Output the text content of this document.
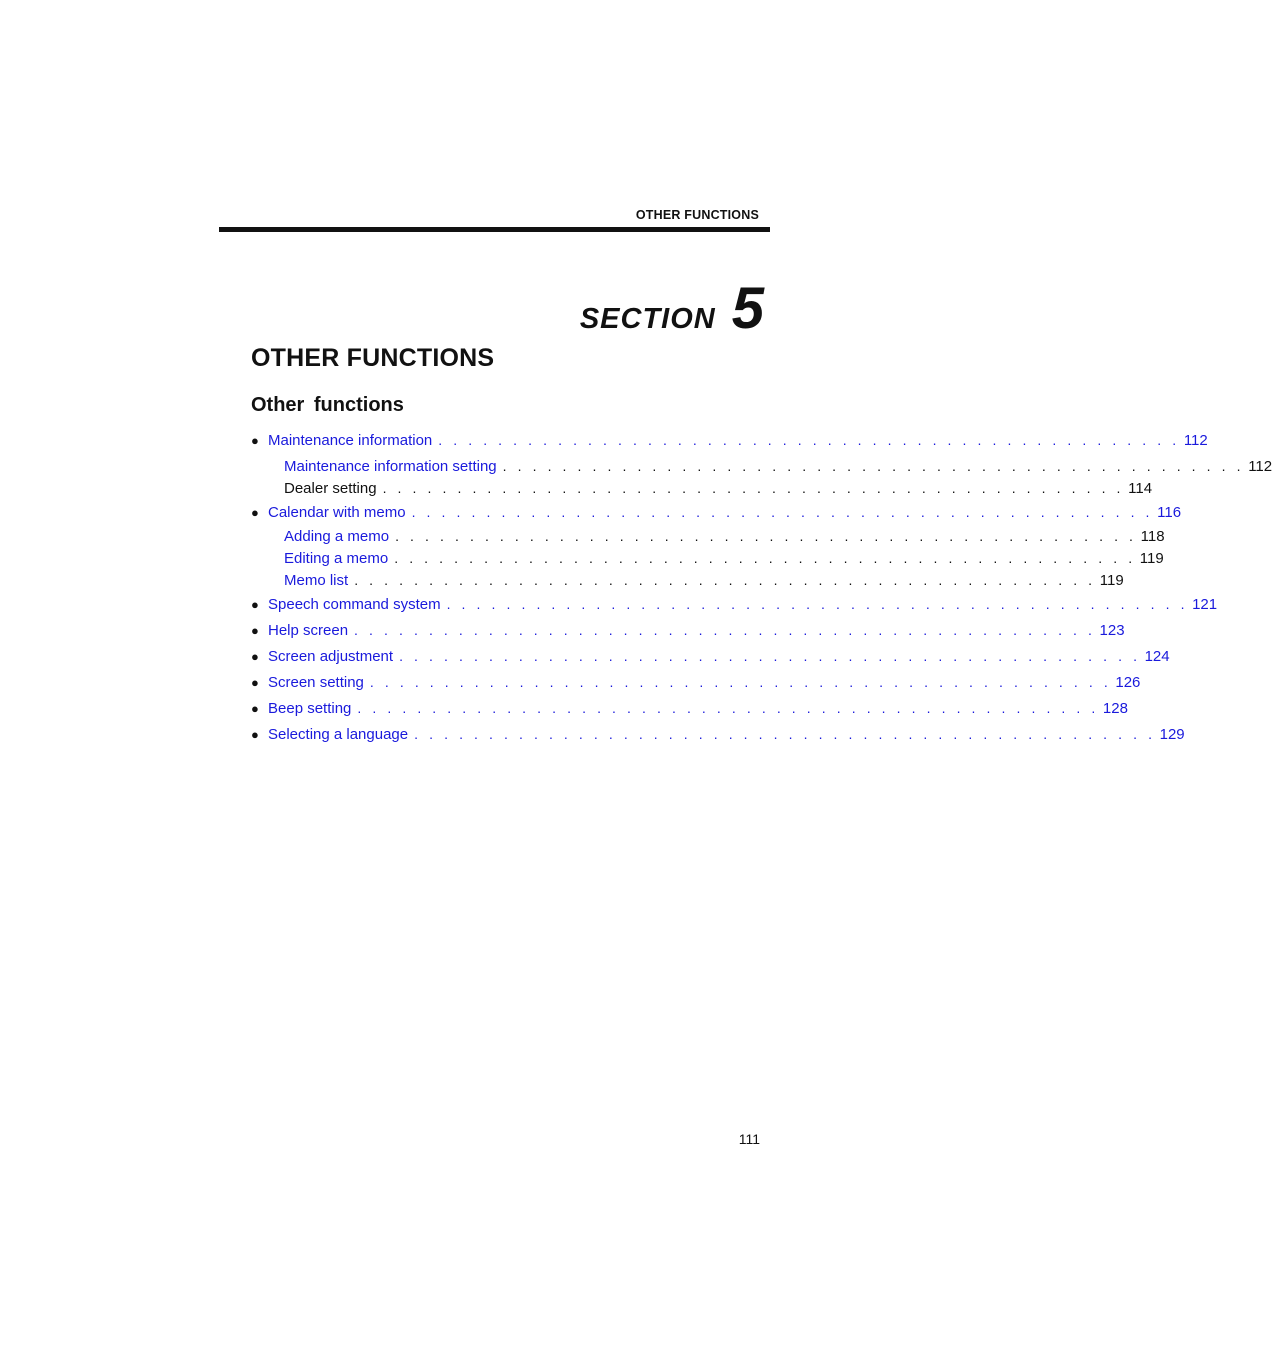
OTHER FUNCTIONS
SECTION 5
OTHER FUNCTIONS
Other functions
● Maintenance information . . . . . . . . . . . . . . . . . . . . . . . . . . . . . . . . . . . . . . . . . . . . . . . . . . 112
Maintenance information setting . . . . . . . . . . . . . . . . . . . . . . . . . . . . . . . . . . . . . . . . . . . . . . . . . . 112
Dealer setting . . . . . . . . . . . . . . . . . . . . . . . . . . . . . . . . . . . . . . . . . . . . . . . . . . 114
● Calendar with memo . . . . . . . . . . . . . . . . . . . . . . . . . . . . . . . . . . . . . . . . . . . . . . . . . . 116
Adding a memo . . . . . . . . . . . . . . . . . . . . . . . . . . . . . . . . . . . . . . . . . . . . . . . . . . 118
Editing a memo . . . . . . . . . . . . . . . . . . . . . . . . . . . . . . . . . . . . . . . . . . . . . . . . . . 119
Memo list . . . . . . . . . . . . . . . . . . . . . . . . . . . . . . . . . . . . . . . . . . . . . . . . . . 119
● Speech command system . . . . . . . . . . . . . . . . . . . . . . . . . . . . . . . . . . . . . . . . . . . . . . . . . . 121
● Help screen . . . . . . . . . . . . . . . . . . . . . . . . . . . . . . . . . . . . . . . . . . . . . . . . . . 123
● Screen adjustment . . . . . . . . . . . . . . . . . . . . . . . . . . . . . . . . . . . . . . . . . . . . . . . . . . 124
● Screen setting . . . . . . . . . . . . . . . . . . . . . . . . . . . . . . . . . . . . . . . . . . . . . . . . . . 126
● Beep setting . . . . . . . . . . . . . . . . . . . . . . . . . . . . . . . . . . . . . . . . . . . . . . . . . . 128
● Selecting a language . . . . . . . . . . . . . . . . . . . . . . . . . . . . . . . . . . . . . . . . . . . . . . . . . . 129
111
